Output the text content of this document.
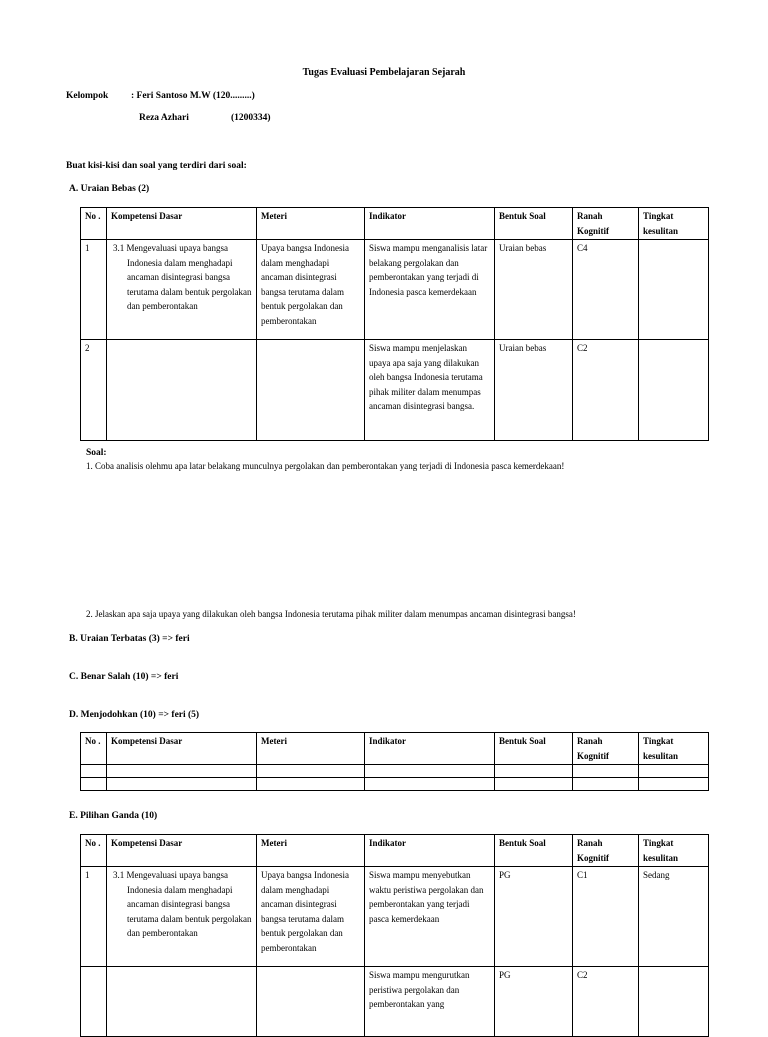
Tugas Evaluasi Pembelajaran Sejarah
Kelompok : Feri Santoso M.W (120.........)
Reza Azhari	(1200334)
Buat kisi-kisi dan soal yang terdiri dari soal:
A. Uraian Bebas (2)
No .	Kompetensi Dasar	Meteri	Indikator	Bentuk Soal	Ranah Kognitif	Tingkat kesulitan
1	3.1 Mengevaluasi upaya bangsa Indonesia dalam menghadapi ancaman disintegrasi bangsa terutama dalam bentuk pergolakan dan pemberontakan	Upaya bangsa Indonesia dalam menghadapi ancaman disintegrasi bangsa terutama dalam bentuk pergolakan dan pemberontakan	Siswa mampu menganalisis latar belakang pergolakan dan pemberontakan yang terjadi di Indonesia pasca kemerdekaan	Uraian bebas	C4	
2			Siswa mampu menjelaskan upaya apa saja yang dilakukan oleh bangsa Indonesia terutama pihak militer dalam menumpas ancaman disintegrasi bangsa.	Uraian bebas	C2	
Soal:
1. Coba analisis olehmu apa latar belakang munculnya pergolakan dan pemberontakan yang terjadi di Indonesia pasca kemerdekaan!
2. Jelaskan apa saja upaya yang dilakukan oleh bangsa Indonesia terutama pihak militer dalam menumpas ancaman disintegrasi bangsa!
B. Uraian Terbatas (3) => feri
C. Benar Salah (10) => feri
D. Menjodohkan (10) => feri (5)
No .	Kompetensi Dasar	Meteri	Indikator	Bentuk Soal	Ranah Kognitif	Tingkat kesulitan

E. Pilihan Ganda (10)
No .	Kompetensi Dasar	Meteri	Indikator	Bentuk Soal	Ranah Kognitif	Tingkat kesulitan
1	3.1 Mengevaluasi upaya bangsa Indonesia dalam menghadapi ancaman disintegrasi bangsa terutama dalam bentuk pergolakan dan pemberontakan	Upaya bangsa Indonesia dalam menghadapi ancaman disintegrasi bangsa terutama dalam bentuk pergolakan dan pemberontakan	Siswa mampu menyebutkan waktu peristiwa pergolakan dan pemberontakan yang terjadi pasca kemerdekaan	PG	C1	Sedang
			Siswa mampu mengurutkan peristiwa pergolakan dan pemberontakan yang	PG	C2	
